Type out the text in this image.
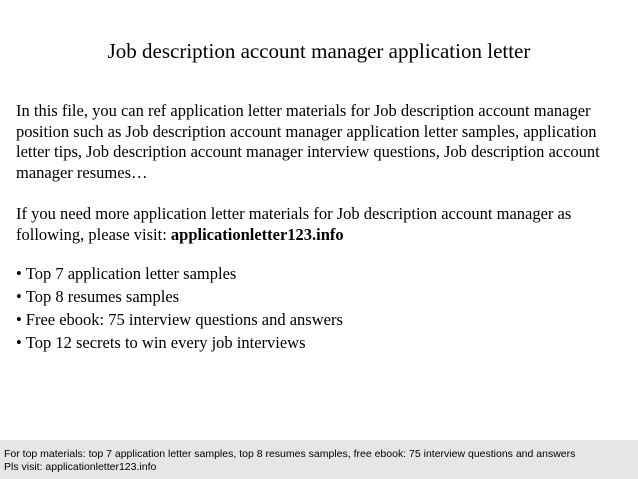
Job description account manager application letter

In this file, you can ref application letter materials for Job description account manager position such as Job description account manager application letter samples, application letter tips, Job description account manager interview questions, Job description account manager resumes…

If you need more application letter materials for Job description account manager as following, please visit: applicationletter123.info

• Top 7 application letter samples
• Top 8 resumes samples
• Free ebook: 75 interview questions and answers
• Top 12 secrets to win every job interviews
For top materials: top 7 application letter samples, top 8 resumes samples, free ebook: 75 interview questions and answers
Pls visit: applicationletter123.info
